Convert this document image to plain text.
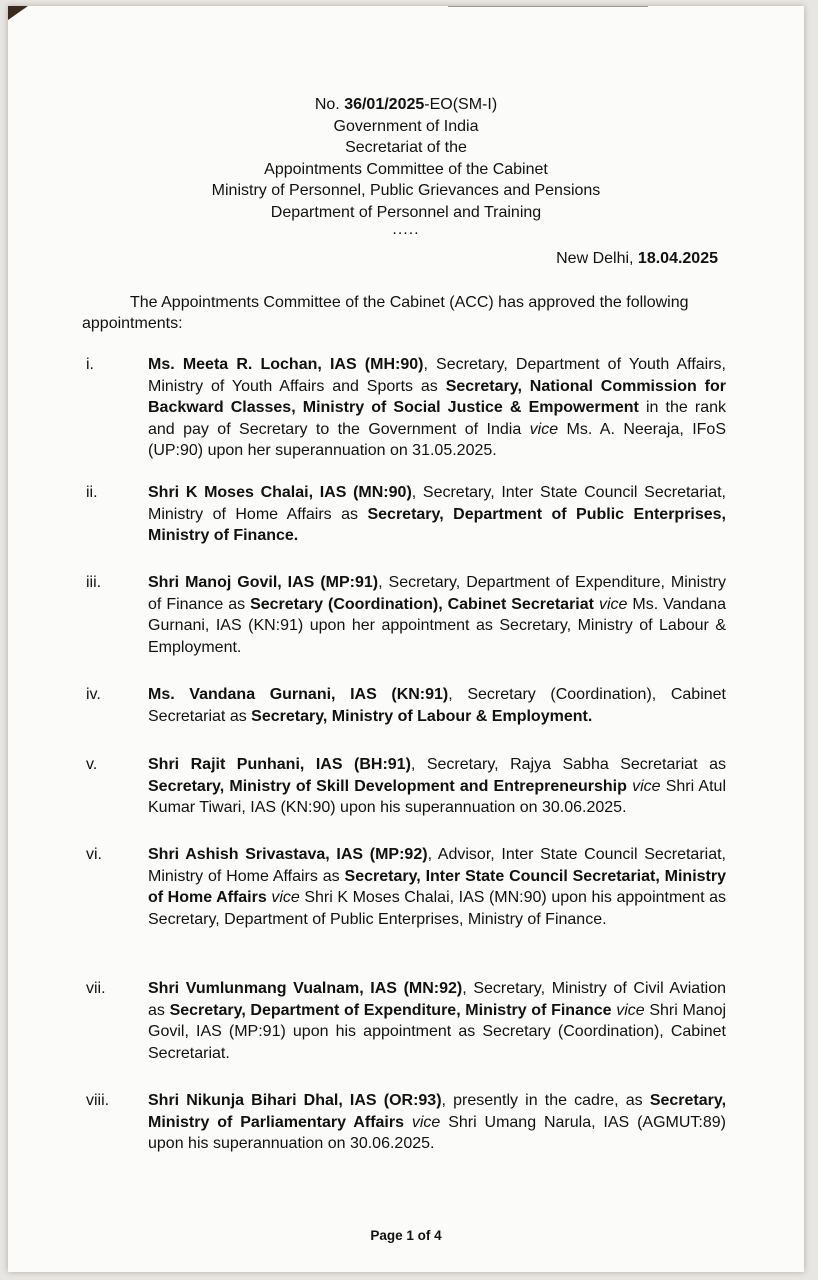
No. 36/01/2025-EO(SM-I)
Government of India
Secretariat of the
Appointments Committee of the Cabinet
Ministry of Personnel, Public Grievances and Pensions
Department of Personnel and Training
.....
New Delhi, 18.04.2025
The Appointments Committee of the Cabinet (ACC) has approved the following
appointments:
i.	Ms. Meeta R. Lochan, IAS (MH:90), Secretary, Department of Youth Affairs, Ministry of Youth Affairs and Sports as Secretary, National Commission for Backward Classes, Ministry of Social Justice & Empowerment in the rank and pay of Secretary to the Government of India vice Ms. A. Neeraja, IFoS (UP:90) upon her superannuation on 31.05.2025.
ii.	Shri K Moses Chalai, IAS (MN:90), Secretary, Inter State Council Secretariat, Ministry of Home Affairs as Secretary, Department of Public Enterprises, Ministry of Finance.
iii.	Shri Manoj Govil, IAS (MP:91), Secretary, Department of Expenditure, Ministry of Finance as Secretary (Coordination), Cabinet Secretariat vice Ms. Vandana Gurnani, IAS (KN:91) upon her appointment as Secretary, Ministry of Labour & Employment.
iv.	Ms. Vandana Gurnani, IAS (KN:91), Secretary (Coordination), Cabinet Secretariat as Secretary, Ministry of Labour & Employment.
v.	Shri Rajit Punhani, IAS (BH:91), Secretary, Rajya Sabha Secretariat as Secretary, Ministry of Skill Development and Entrepreneurship vice Shri Atul Kumar Tiwari, IAS (KN:90) upon his superannuation on 30.06.2025.
vi.	Shri Ashish Srivastava, IAS (MP:92), Advisor, Inter State Council Secretariat, Ministry of Home Affairs as Secretary, Inter State Council Secretariat, Ministry of Home Affairs vice Shri K Moses Chalai, IAS (MN:90) upon his appointment as Secretary, Department of Public Enterprises, Ministry of Finance.
vii.	Shri Vumlunmang Vualnam, IAS (MN:92), Secretary, Ministry of Civil Aviation as Secretary, Department of Expenditure, Ministry of Finance vice Shri Manoj Govil, IAS (MP:91) upon his appointment as Secretary (Coordination), Cabinet Secretariat.
viii.	Shri Nikunja Bihari Dhal, IAS (OR:93), presently in the cadre, as Secretary, Ministry of Parliamentary Affairs vice Shri Umang Narula, IAS (AGMUT:89) upon his superannuation on 30.06.2025.
Page 1 of 4
